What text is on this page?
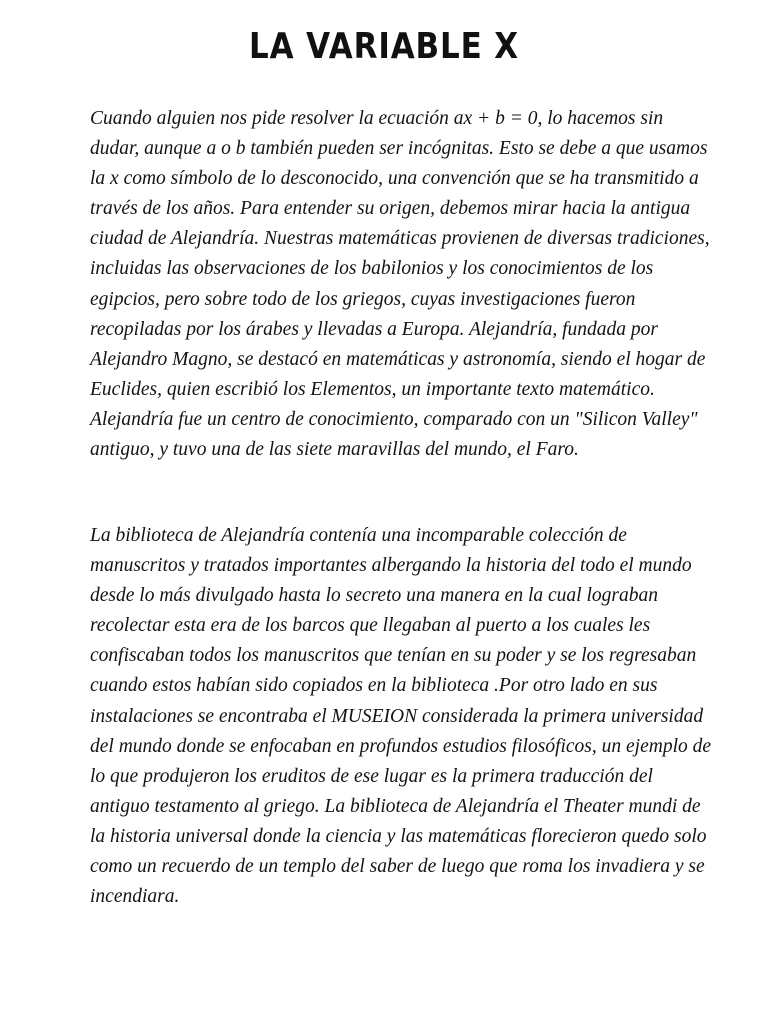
LA VARIABLE X

Cuando alguien nos pide resolver la ecuación ax + b = 0, lo hacemos sin dudar, aunque a o b también pueden ser incógnitas. Esto se debe a que usamos la x como símbolo de lo desconocido, una convención que se ha transmitido a través de los años. Para entender su origen, debemos mirar hacia la antigua ciudad de Alejandría. Nuestras matemáticas provienen de diversas tradiciones, incluidas las observaciones de los babilonios y los conocimientos de los egipcios, pero sobre todo de los griegos, cuyas investigaciones fueron recopiladas por los árabes y llevadas a Europa. Alejandría, fundada por Alejandro Magno, se destacó en matemáticas y astronomía, siendo el hogar de Euclides, quien escribió los Elementos, un importante texto matemático. Alejandría fue un centro de conocimiento, comparado con un "Silicon Valley" antiguo, y tuvo una de las siete maravillas del mundo, el Faro.

La biblioteca de Alejandría contenía una incomparable colección de manuscritos y tratados importantes albergando la historia del todo el mundo desde lo más divulgado hasta lo secreto una manera en la cual lograban recolectar esta era de los barcos que llegaban al puerto a los cuales les confiscaban todos los manuscritos que tenían en su poder y se los regresaban cuando estos habían sido copiados en la biblioteca .Por otro lado en sus instalaciones se encontraba el MUSEION considerada la primera universidad del mundo donde se enfocaban en profundos estudios filosóficos, un ejemplo de lo que produjeron los eruditos de ese lugar es la primera traducción del antiguo testamento al griego. La biblioteca de Alejandría el Theater mundi de la historia universal donde la ciencia y las matemáticas florecieron quedo solo como un recuerdo de un templo del saber de luego que roma los invadiera y se incendiara.
